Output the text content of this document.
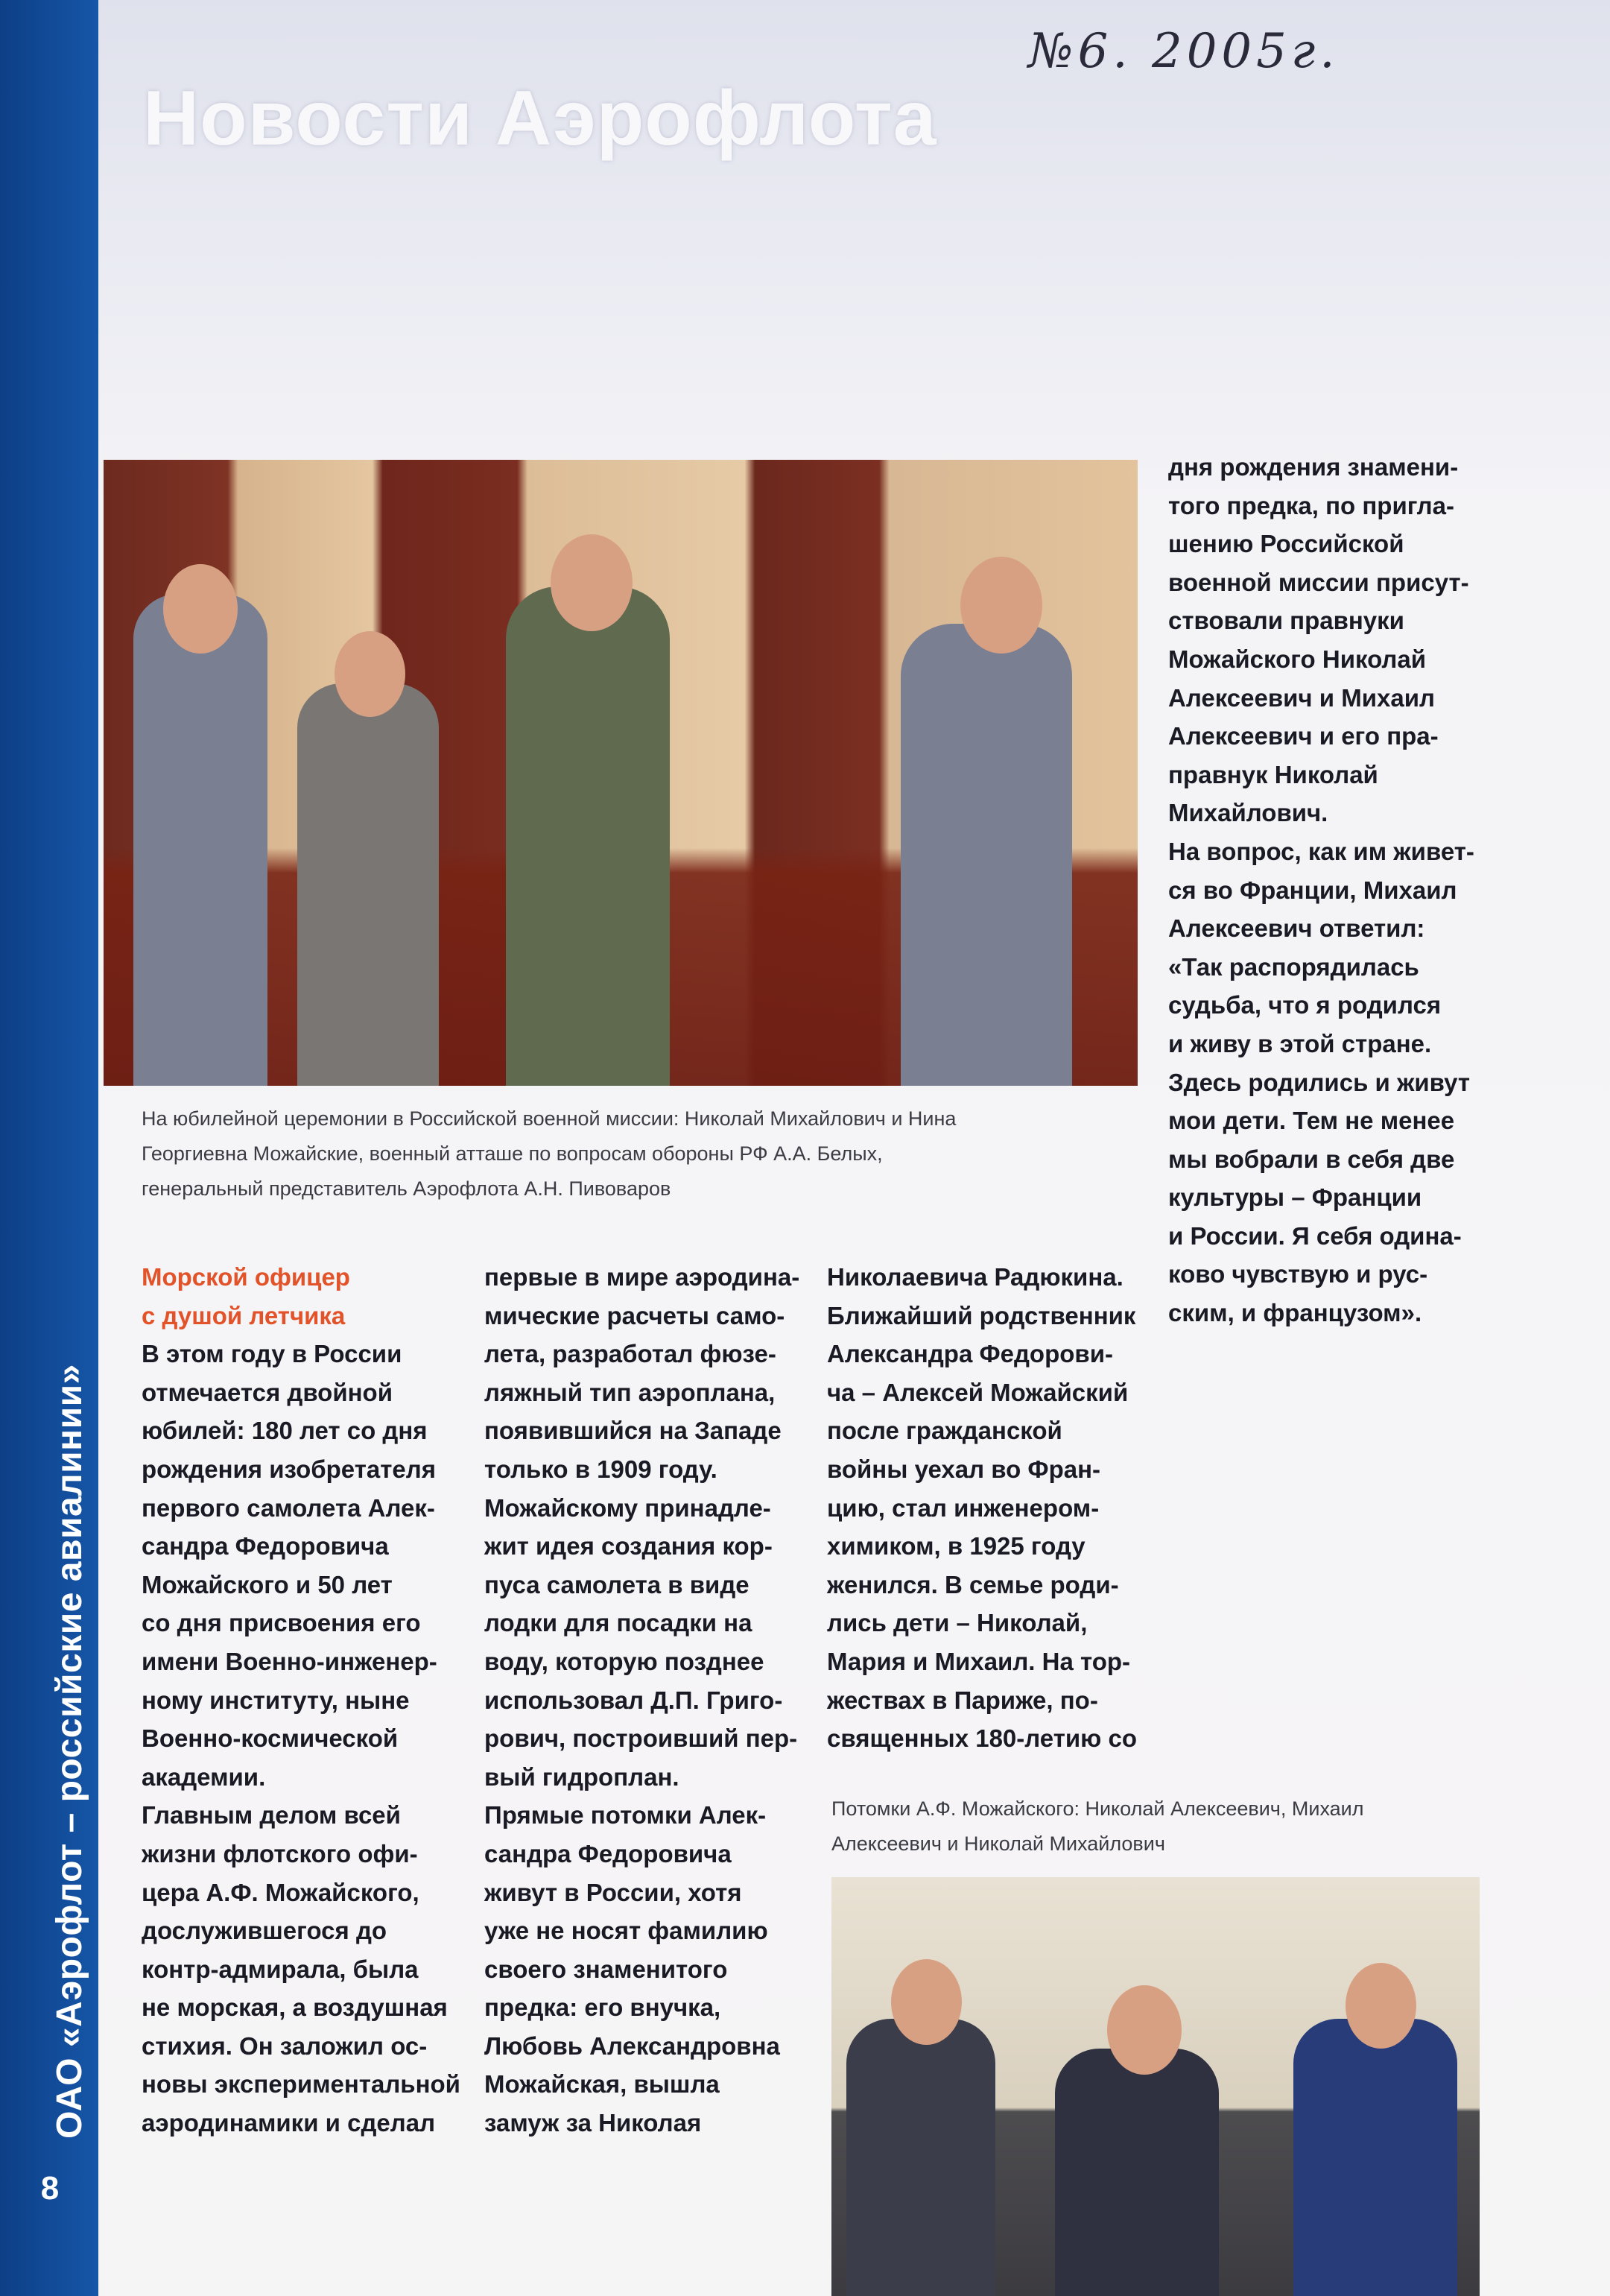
ОАО «Аэрофлот – российские авиалинии»
8
№6. 2005г.
Новости Аэрофлота
На юбилейной церемонии в Российской военной миссии: Николай Михайлович и Нина
Георгиевна Можайские, военный атташе по вопросам обороны РФ А.А. Белых,
генеральный представитель Аэрофлота А.Н. Пивоваров

Морской офицер

с душой летчика

В этом году в России

отмечается двойной

юбилей: 180 лет со дня

рождения изобретателя

первого самолета Алек-

сандра Федоровича

Можайского и 50 лет

со дня присвоения его

имени Военно-инженер-

ному институту, ныне

Военно-космической

академии.

Главным делом всей

жизни флотского офи-

цера А.Ф. Можайского,

дослужившегося до

контр-адмирала, была

не морская, а воздушная

стихия. Он заложил ос-

новы экспериментальной

аэродинамики и сделал

первые в мире аэродина-

мические расчеты само-

лета, разработал фюзе-

ляжный тип аэроплана,

появившийся на Западе

только в 1909 году.

Можайскому принадле-

жит идея создания кор-

пуса самолета в виде

лодки для посадки на

воду, которую позднее

использовал Д.П. Григо-

рович, построивший пер-

вый гидроплан.

Прямые потомки Алек-

сандра Федоровича

живут в России, хотя

уже не носят фамилию

своего знаменитого

предка: его внучка,

Любовь Александровна

Можайская, вышла

замуж за Николая

Николаевича Радюкина.

Ближайший родственник

Александра Федорови-

ча – Алексей Можайский

после гражданской

войны уехал во Фран-

цию, стал инженером-

химиком, в 1925 году

женился. В семье роди-

лись дети – Николай,

Мария и Михаил. На тор-

жествах в Париже, по-

священных 180-летию со

Потомки А.Ф. Можайского: Николай Алексеевич, Михаил
Алексеевич и Николай Михайлович

дня рождения знамени-

того предка, по пригла-

шению Российской

военной миссии присут-

ствовали правнуки

Можайского Николай

Алексеевич и Михаил

Алексеевич и его пра-

правнук Николай

Михайлович.

На вопрос, как им живет-

ся во Франции, Михаил

Алексеевич ответил:

«Так распорядилась

судьба, что я родился

и живу в этой стране.

Здесь родились и живут

мои дети. Тем не менее

мы вобрали в себя две

культуры – Франции

и России. Я себя одина-

ково чувствую и рус-

ским, и французом».
